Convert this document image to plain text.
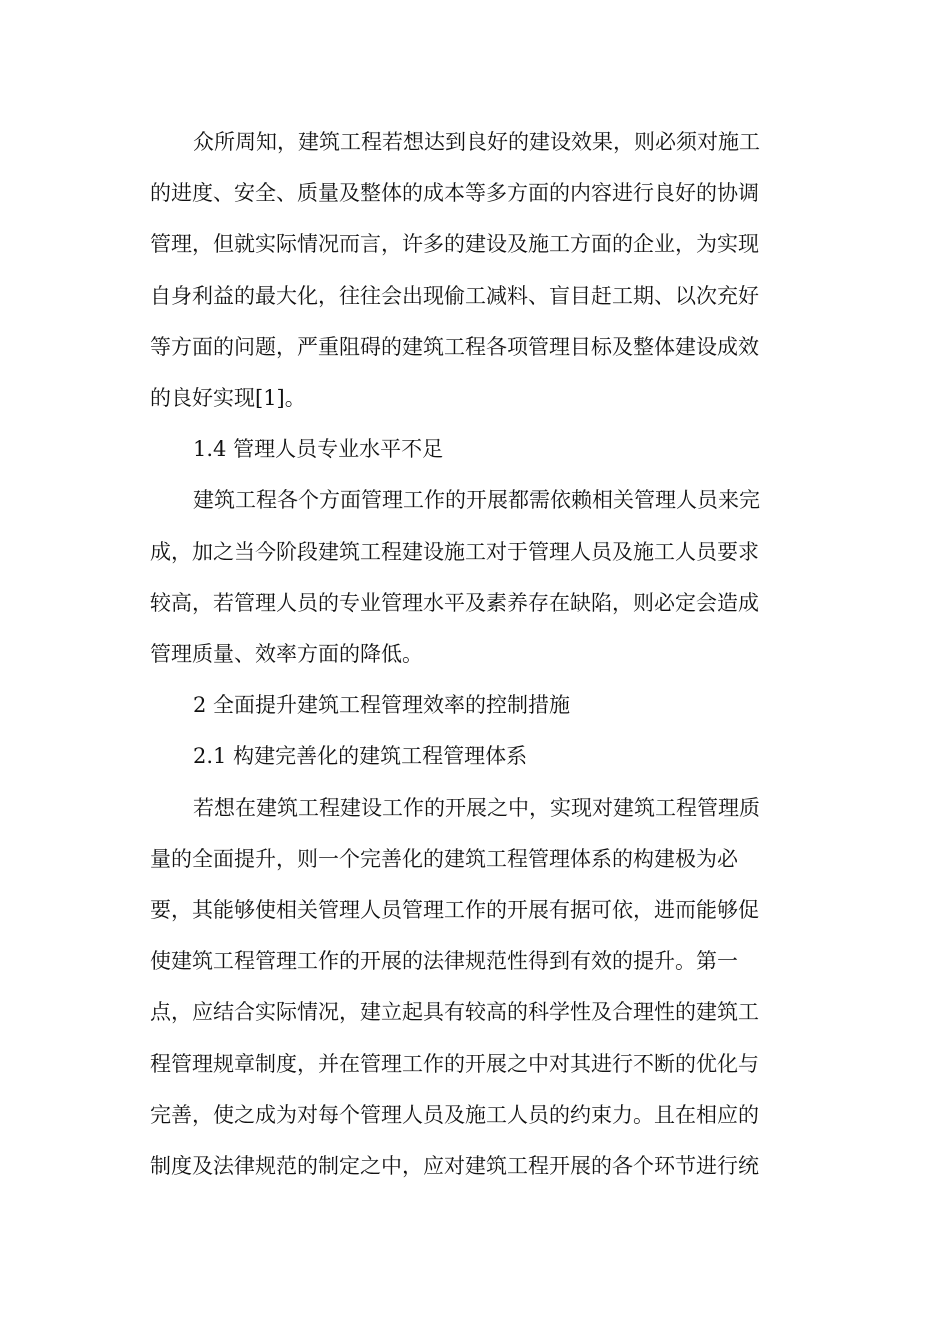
众所周知，建筑工程若想达到良好的建设效果，则必须对施工
的进度、安全、质量及整体的成本等多方面的内容进行良好的协调
管理，但就实际情况而言，许多的建设及施工方面的企业，为实现
自身利益的最大化，往往会出现偷工减料、盲目赶工期、以次充好
等方面的问题，严重阻碍的建筑工程各项管理目标及整体建设成效
的良好实现[1]。
1.4 管理人员专业水平不足
建筑工程各个方面管理工作的开展都需依赖相关管理人员来完
成，加之当今阶段建筑工程建设施工对于管理人员及施工人员要求
较高，若管理人员的专业管理水平及素养存在缺陷，则必定会造成
管理质量、效率方面的降低。
2 全面提升建筑工程管理效率的控制措施
2.1 构建完善化的建筑工程管理体系
若想在建筑工程建设工作的开展之中，实现对建筑工程管理质
量的全面提升，则一个完善化的建筑工程管理体系的构建极为必
要，其能够使相关管理人员管理工作的开展有据可依，进而能够促
使建筑工程管理工作的开展的法律规范性得到有效的提升。第一
点，应结合实际情况，建立起具有较高的科学性及合理性的建筑工
程管理规章制度，并在管理工作的开展之中对其进行不断的优化与
完善，使之成为对每个管理人员及施工人员的约束力。且在相应的
制度及法律规范的制定之中，应对建筑工程开展的各个环节进行统
